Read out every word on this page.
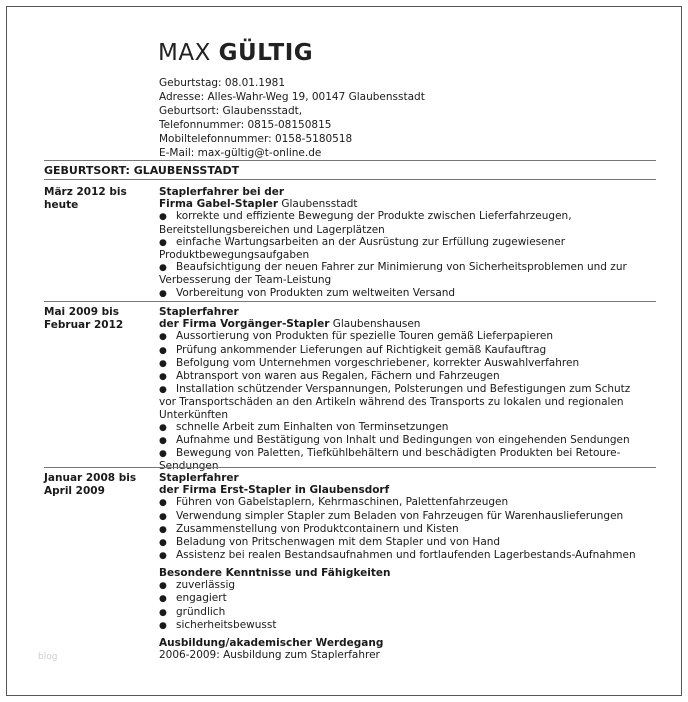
MAX GÜLTIG
Geburtstag: 08.01.1981
Adresse: Alles-Wahr-Weg 19, 00147 Glaubensstadt
Geburtsort: Glaubensstadt,
Telefonnummer: 0815-08150815
Mobiltelefonnummer: 0158-5180518
E-Mail: max-gültig@t-online.de
GEBURTSORT: GLAUBENSSTADT
März 2012 bis heute
Staplerfahrer bei der
Firma Gabel-Stapler Glaubensstadt
●korrekte und effiziente Bewegung der Produkte zwischen Lieferfahrzeugen, Bereitstellungsbereichen und Lagerplätzen
●einfache Wartungsarbeiten an der Ausrüstung zur Erfüllung zugewiesener Produktbewegungsaufgaben
●Beaufsichtigung der neuen Fahrer zur Minimierung von Sicherheitsproblemen und zur Verbesserung der Team-Leistung
●Vorbereitung von Produkten zum weltweiten Versand
Mai 2009 bis Februar 2012
Staplerfahrer
der Firma Vorgänger-Stapler Glaubenshausen
●Aussortierung von Produkten für spezielle Touren gemäß Lieferpapieren
●Prüfung ankommender Lieferungen auf Richtigkeit gemäß Kaufauftrag
●Befolgung vom Unternehmen vorgeschriebener, korrekter Auswahlverfahren
●Abtransport von waren aus Regalen, Fächern und Fahrzeugen
●Installation schützender Verspannungen, Polsterungen und Befestigungen zum Schutz vor Transportschäden an den Artikeln während des Transports zu lokalen und regionalen Unterkünften
●schnelle Arbeit zum Einhalten von Terminsetzungen
●Aufnahme und Bestätigung von Inhalt und Bedingungen von eingehenden Sendungen
●Bewegung von Paletten, Tiefkühlbehältern und beschädigten Produkten bei Retoure-Sendungen
Januar 2008 bis April 2009
Staplerfahrer
der Firma Erst-Stapler in Glaubensdorf
●Führen von Gabelstaplern, Kehrmaschinen, Palettenfahrzeugen
●Verwendung simpler Stapler zum Beladen von Fahrzeugen für Warenhauslieferungen
●Zusammenstellung von Produktcontainern und Kisten
●Beladung von Pritschenwagen mit dem Stapler und von Hand
●Assistenz bei realen Bestandsaufnahmen und fortlaufenden Lagerbestands-Aufnahmen
Besondere Kenntnisse und Fähigkeiten
●zuverlässig
●engagiert
●gründlich
●sicherheitsbewusst
Ausbildung/akademischer Werdegang
2006-2009: Ausbildung zum Staplerfahrer
blog
